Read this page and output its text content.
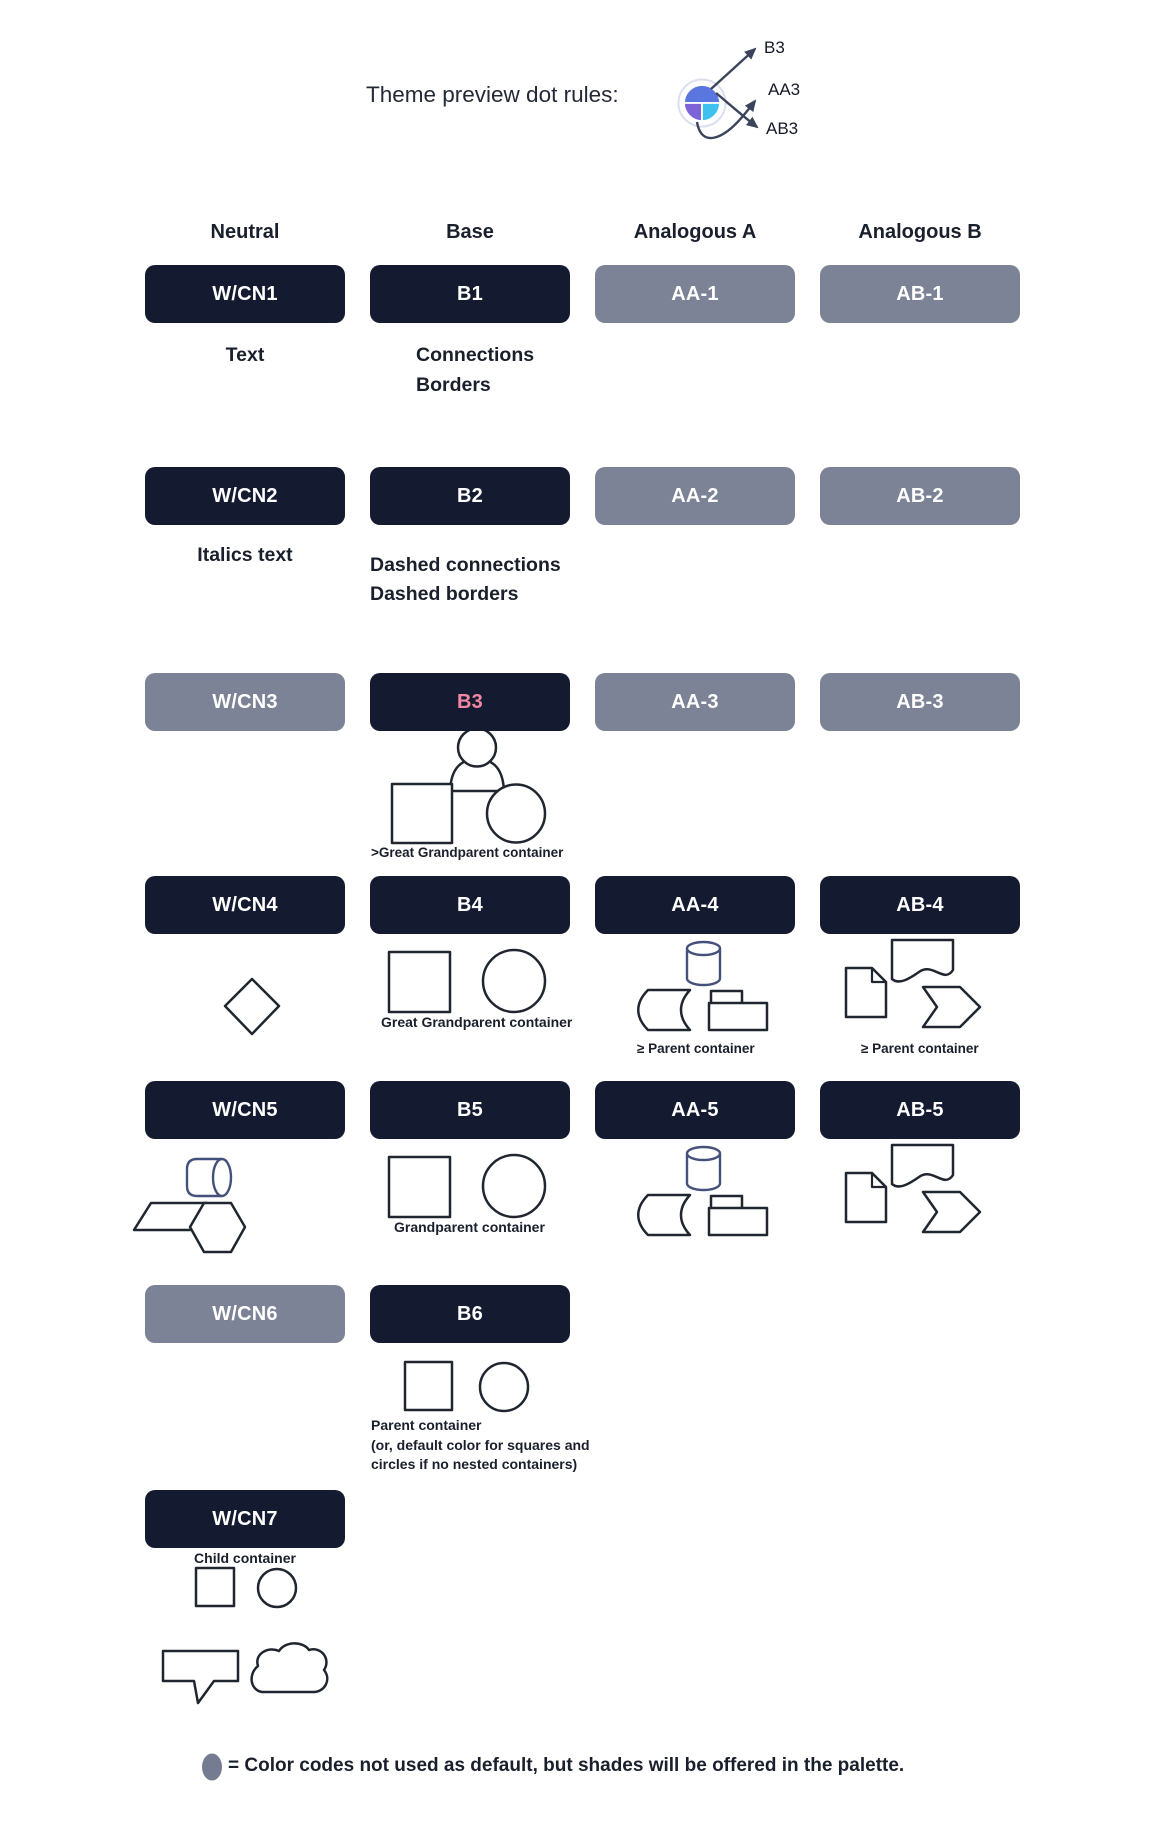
Theme preview dot rules:
B3
AA3
AB3
Neutral	Base	Analogous A	Analogous B
W/CN1	B1	AA-1	AB-1
W/CN2	B2	AA-2	AB-2
W/CN3	B3	AA-3	AB-3
W/CN4	B4	AA-4	AB-4
W/CN5	B5	AA-5	AB-5
W/CN6	B6
W/CN7
Text	Connections
Borders
Italics text	Dashed connections
Dashed borders
>Great Grandparent container
Great Grandparent container
≥ Parent container	≥ Parent container
Grandparent container
Parent container
(or, default color for squares and
circles if no nested containers)
Child container
= Color codes not used as default, but shades will be offered in the palette.
